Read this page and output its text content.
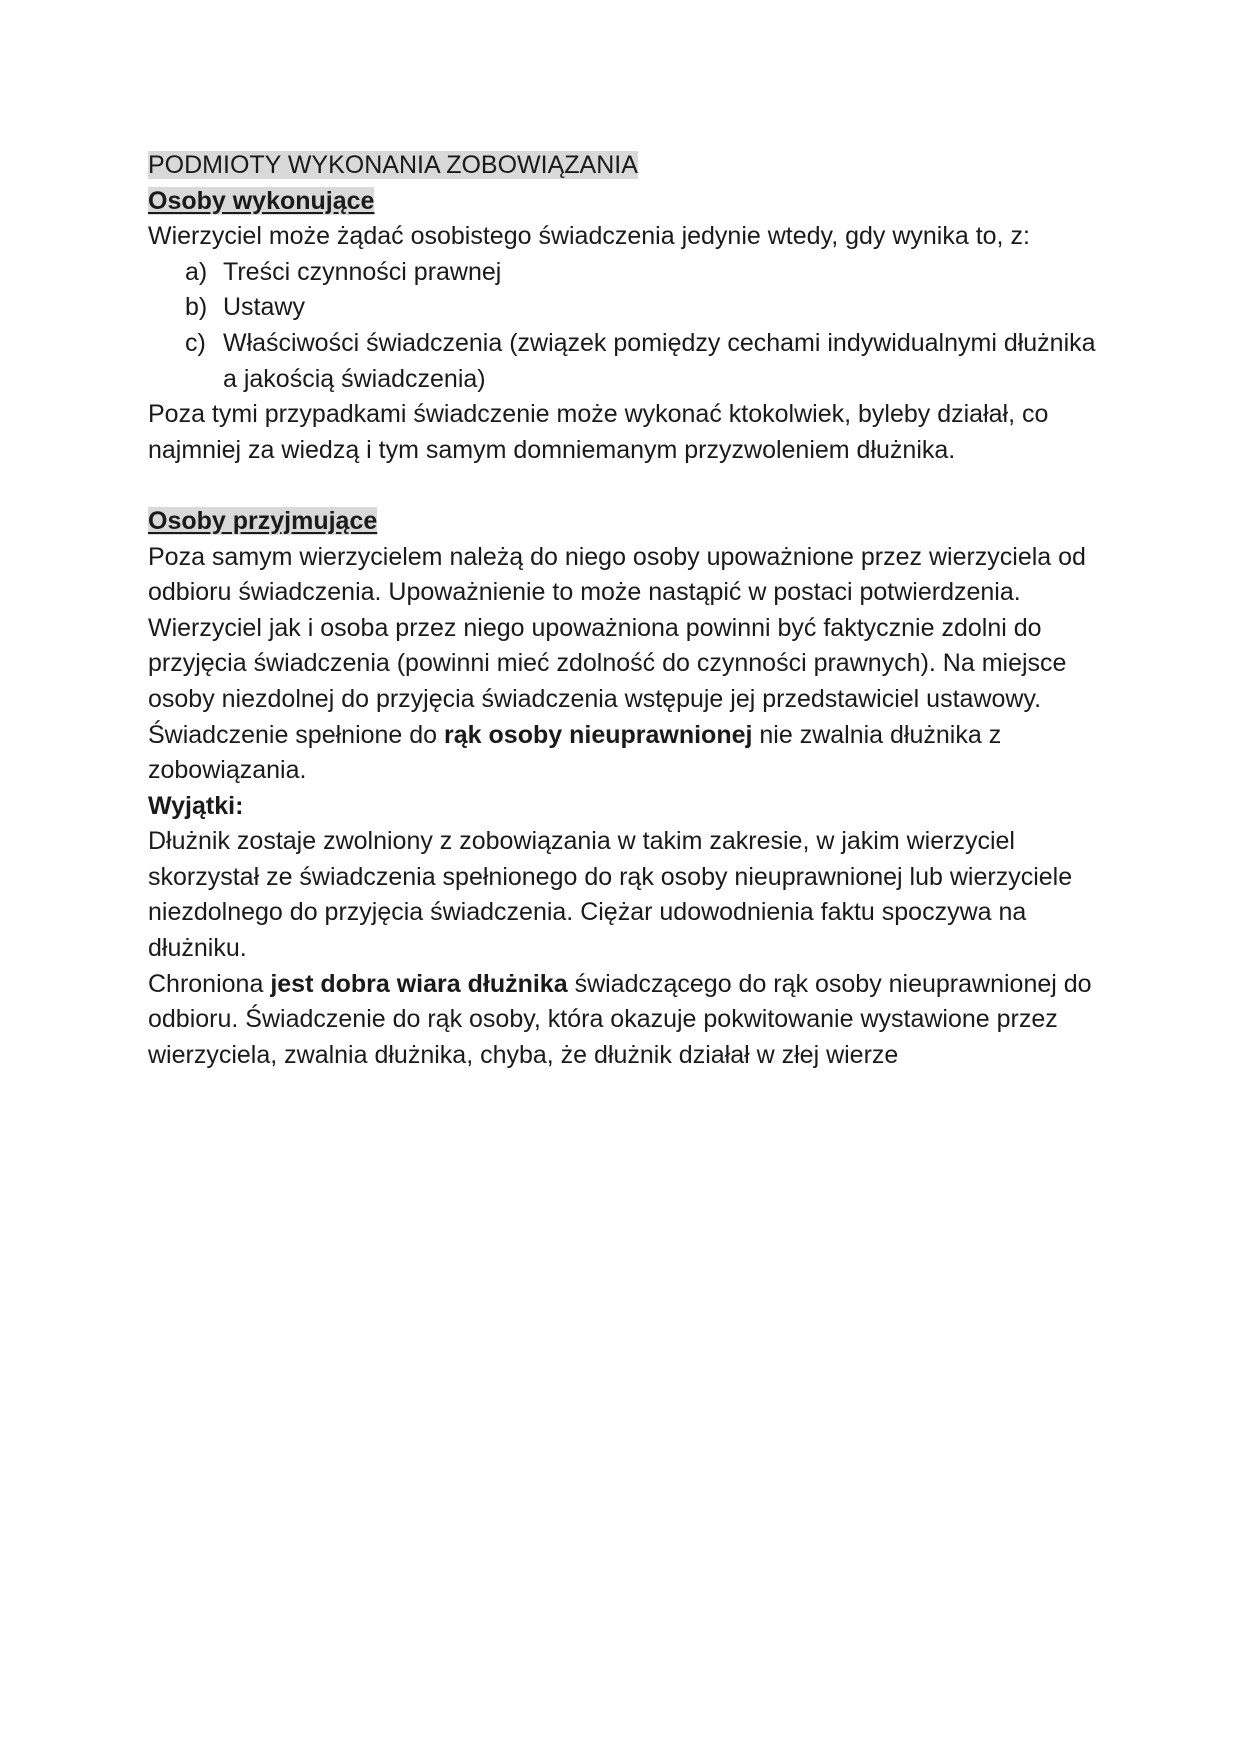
PODMIOTY WYKONANIA ZOBOWIĄZANIA
Osoby wykonujące

Wierzyciel może żądać osobistego świadczenia jedynie wtedy, gdy wynika to, z:

a) Treści czynności prawnej
b) Ustawy
c) Właściwości świadczenia (związek pomiędzy cechami indywidualnymi dłużnika a jakością świadczenia)

Poza tymi przypadkami świadczenie może wykonać ktokolwiek, byleby działał, co najmniej za wiedzą i tym samym domniemanym przyzwoleniem dłużnika.

Osoby przyjmujące

Poza samym wierzycielem należą do niego osoby upoważnione przez wierzyciela od odbioru świadczenia. Upoważnienie to może nastąpić w postaci potwierdzenia. Wierzyciel jak i osoba przez niego upoważniona powinni być faktycznie zdolni do przyjęcia świadczenia (powinni mieć zdolność do czynności prawnych). Na miejsce osoby niezdolnej do przyjęcia świadczenia wstępuje jej przedstawiciel ustawowy.

Świadczenie spełnione do rąk osoby nieuprawnionej nie zwalnia dłużnika z zobowiązania.

Wyjątki:

Dłużnik zostaje zwolniony z zobowiązania w takim zakresie, w jakim wierzyciel skorzystał ze świadczenia spełnionego do rąk osoby nieuprawnionej lub wierzyciele niezdolnego do przyjęcia świadczenia. Ciężar udowodnienia faktu spoczywa na dłużniku.

Chroniona jest dobra wiara dłużnika świadczącego do rąk osoby nieuprawnionej do odbioru. Świadczenie do rąk osoby, która okazuje pokwitowanie wystawione przez wierzyciela, zwalnia dłużnika, chyba, że dłużnik działał w złej wierze
